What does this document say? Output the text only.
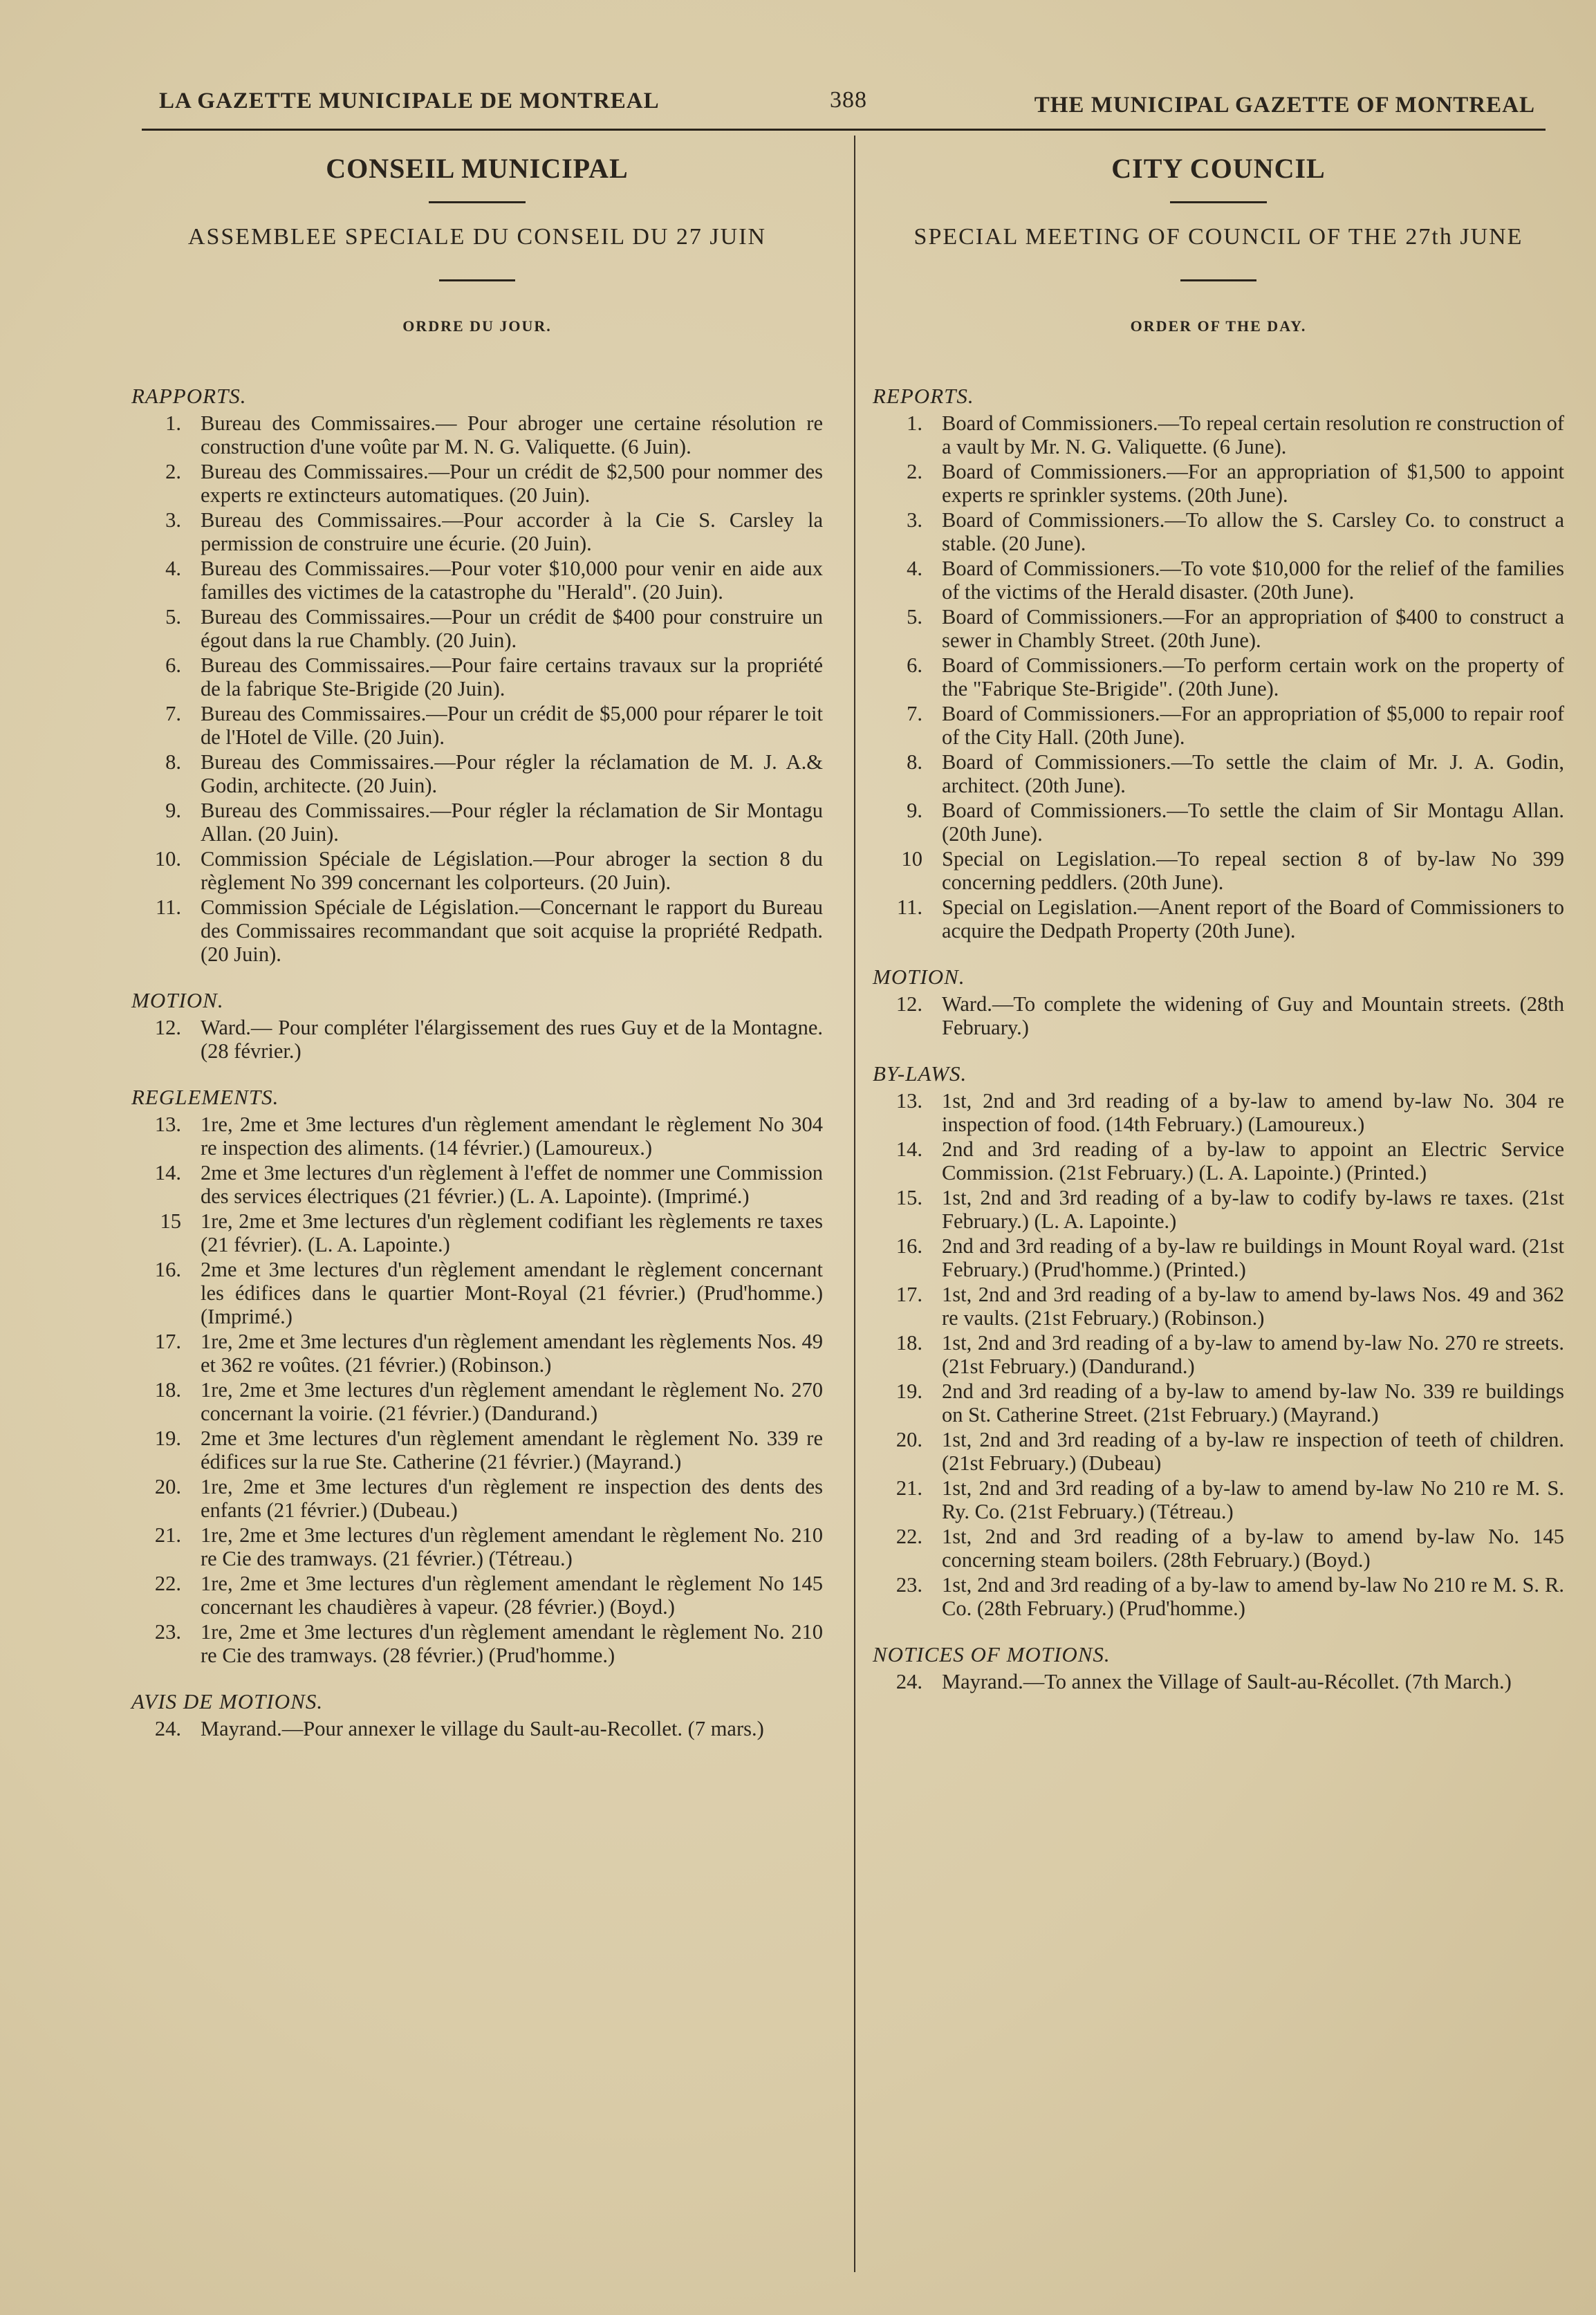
LA GAZETTE MUNICIPALE DE MONTREAL	388	THE MUNICIPAL GAZETTE OF MONTREAL
CONSEIL MUNICIPAL
ASSEMBLEE SPECIALE DU CONSEIL DU 27 JUIN
ORDRE DU JOUR.
RAPPORTS.
1. Bureau des Commissaires.— Pour abroger une certaine résolution re construction d'une voûte par M. N. G. Valiquette. (6 Juin).
2. Bureau des Commissaires.—Pour un crédit de $2,500 pour nommer des experts re extincteurs automatiques. (20 Juin).
3. Bureau des Commissaires.—Pour accorder à la Cie S. Carsley la permission de construire une écurie. (20 Juin).
4. Bureau des Commissaires.—Pour voter $10,000 pour venir en aide aux familles des victimes de la catastrophe du "Herald". (20 Juin).
5. Bureau des Commissaires.—Pour un crédit de $400 pour construire un égout dans la rue Chambly. (20 Juin).
6. Bureau des Commissaires.—Pour faire certains travaux sur la propriété de la fabrique Ste-Brigide (20 Juin).
7. Bureau des Commissaires.—Pour un crédit de $5,000 pour réparer le toit de l'Hotel de Ville. (20 Juin).
8. Bureau des Commissaires.—Pour régler la réclamation de M. J. A.& Godin, architecte. (20 Juin).
9. Bureau des Commissaires.—Pour régler la réclamation de Sir Montagu Allan. (20 Juin).
10. Commission Spéciale de Législation.—Pour abroger la section 8 du règlement No 399 concernant les colporteurs. (20 Juin).
11. Commission Spéciale de Législation.—Concernant le rapport du Bureau des Commissaires recommandant que soit acquise la propriété Redpath. (20 Juin).
MOTION.
12. Ward.— Pour compléter l'élargissement des rues Guy et de la Montagne. (28 février.)
REGLEMENTS.
13. 1re, 2me et 3me lectures d'un règlement amendant le règlement No 304 re inspection des aliments. (14 février.) (Lamoureux.)
14. 2me et 3me lectures d'un règlement à l'effet de nommer une Commission des services électriques (21 février.) (L. A. Lapointe). (Imprimé.)
15 1re, 2me et 3me lectures d'un règlement codifiant les règlements re taxes (21 février). (L. A. Lapointe.)
16. 2me et 3me lectures d'un règlement amendant le règlement concernant les édifices dans le quartier Mont-Royal (21 février.) (Prud'homme.) (Imprimé.)
17. 1re, 2me et 3me lectures d'un règlement amendant les règlements Nos. 49 et 362 re voûtes. (21 février.) (Robinson.)
18. 1re, 2me et 3me lectures d'un règlement amendant le règlement No. 270 concernant la voirie. (21 février.) (Dandurand.)
19. 2me et 3me lectures d'un règlement amendant le règlement No. 339 re édifices sur la rue Ste. Catherine (21 février.) (Mayrand.)
20. 1re, 2me et 3me lectures d'un règlement re inspection des dents des enfants (21 février.) (Dubeau.)
21. 1re, 2me et 3me lectures d'un règlement amendant le règlement No. 210 re Cie des tramways. (21 février.) (Tétreau.)
22. 1re, 2me et 3me lectures d'un règlement amendant le règlement No 145 concernant les chaudières à vapeur. (28 février.) (Boyd.)
23. 1re, 2me et 3me lectures d'un règlement amendant le règlement No. 210 re Cie des tramways. (28 février.) (Prud'homme.)
AVIS DE MOTIONS.
24. Mayrand.—Pour annexer le village du Sault-au-Recollet. (7 mars.)
CITY COUNCIL
SPECIAL MEETING OF COUNCIL OF THE 27th JUNE
ORDER OF THE DAY.
REPORTS.
1. Board of Commissioners.—To repeal certain resolution re construction of a vault by Mr. N. G. Valiquette. (6 June).
2. Board of Commissioners.—For an appropriation of $1,500 to appoint experts re sprinkler systems. (20th June).
3. Board of Commissioners.—To allow the S. Carsley Co. to construct a stable. (20 June).
4. Board of Commissioners.—To vote $10,000 for the relief of the families of the victims of the Herald disaster. (20th June).
5. Board of Commissioners.—For an appropriation of $400 to construct a sewer in Chambly Street. (20th June).
6. Board of Commissioners.—To perform certain work on the property of the "Fabrique Ste-Brigide". (20th June).
7. Board of Commissioners.—For an appropriation of $5,000 to repair roof of the City Hall. (20th June).
8. Board of Commissioners.—To settle the claim of Mr. J. A. Godin, architect. (20th June).
9. Board of Commissioners.—To settle the claim of Sir Montagu Allan. (20th June).
10 Special on Legislation.—To repeal section 8 of by-law No 399 concerning peddlers. (20th June).
11. Special on Legislation.—Anent report of the Board of Commissioners to acquire the Dedpath Property (20th June).
MOTION.
12. Ward.—To complete the widening of Guy and Mountain streets. (28th February.)
BY-LAWS.
13. 1st, 2nd and 3rd reading of a by-law to amend by-law No. 304 re inspection of food. (14th February.) (Lamoureux.)
14. 2nd and 3rd reading of a by-law to appoint an Electric Service Commission. (21st February.) (L. A. Lapointe.) (Printed.)
15. 1st, 2nd and 3rd reading of a by-law to codify by-laws re taxes. (21st February.) (L. A. Lapointe.)
16. 2nd and 3rd reading of a by-law re buildings in Mount Royal ward. (21st February.) (Prud'homme.) (Printed.)
17. 1st, 2nd and 3rd reading of a by-law to amend by-laws Nos. 49 and 362 re vaults. (21st February.) (Robinson.)
18. 1st, 2nd and 3rd reading of a by-law to amend by-law No. 270 re streets. (21st February.) (Dandurand.)
19. 2nd and 3rd reading of a by-law to amend by-law No. 339 re buildings on St. Catherine Street. (21st February.) (Mayrand.)
20. 1st, 2nd and 3rd reading of a by-law re inspection of teeth of children. (21st February.) (Dubeau)
21. 1st, 2nd and 3rd reading of a by-law to amend by-law No 210 re M. S. Ry. Co. (21st February.) (Tétreau.)
22. 1st, 2nd and 3rd reading of a by-law to amend by-law No. 145 concerning steam boilers. (28th February.) (Boyd.)
23. 1st, 2nd and 3rd reading of a by-law to amend by-law No 210 re M. S. R. Co. (28th February.) (Prud'homme.)
NOTICES OF MOTIONS.
24. Mayrand.—To annex the Village of Sault-au-Récollet. (7th March.)
